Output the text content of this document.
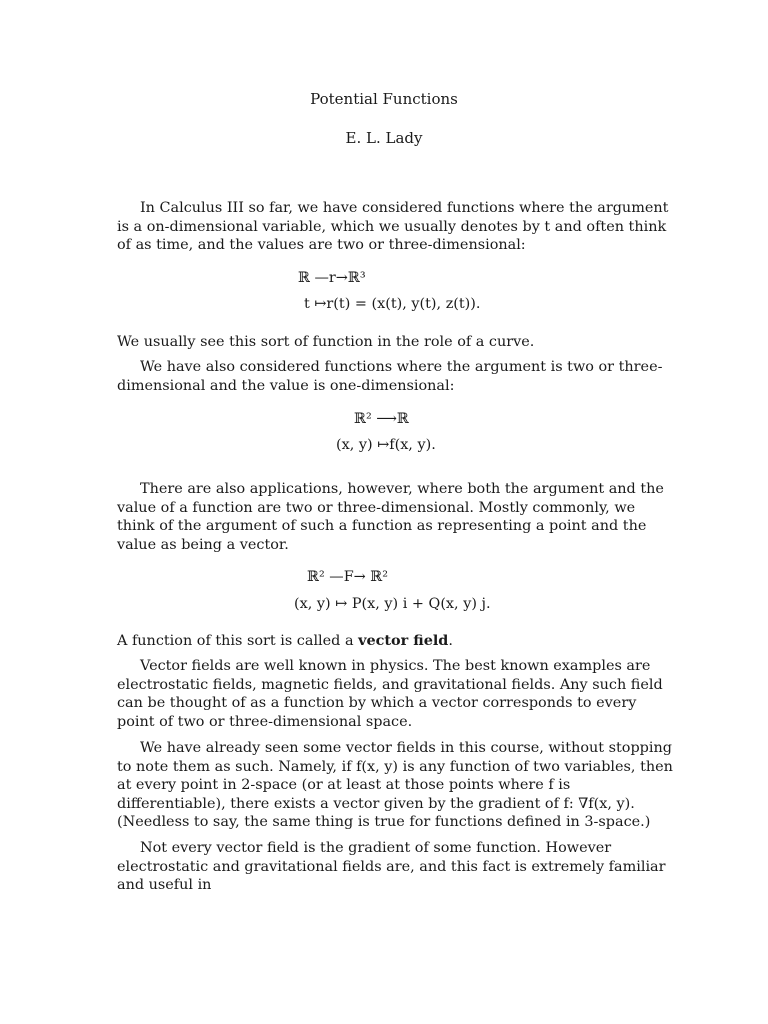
Potential Functions
E. L. Lady

In Calculus III so far, we have considered functions where the argument is a on-dimensional variable, which we usually denotes by t and often think of as time, and the values are two or three-dimensional:

ℝ —r→ℝ³
t ↦r(t) = (x(t), y(t), z(t)).

We usually see this sort of function in the role of a curve.

We have also considered functions where the argument is two or three-dimensional and the value is one-dimensional:

ℝ² ⟶ℝ
(x, y) ↦f(x, y).

There are also applications, however, where both the argument and the value of a function are two or three-dimensional. Mostly commonly, we think of the argument of such a function as representing a point and the value as being a vector.

ℝ² —F→ ℝ²
(x, y) ↦ P(x, y) i + Q(x, y) j.

A function of this sort is called a vector field.

Vector fields are well known in physics. The best known examples are electrostatic fields, magnetic fields, and gravitational fields. Any such field can be thought of as a function by which a vector corresponds to every point of two or three-dimensional space.

We have already seen some vector fields in this course, without stopping to note them as such. Namely, if f(x, y) is any function of two variables, then at every point in 2-space (or at least at those points where f is differentiable), there exists a vector given by the gradient of f: ∇f(x, y). (Needless to say, the same thing is true for functions defined in 3-space.)

Not every vector field is the gradient of some function. However electrostatic and gravitational fields are, and this fact is extremely familiar and useful in
